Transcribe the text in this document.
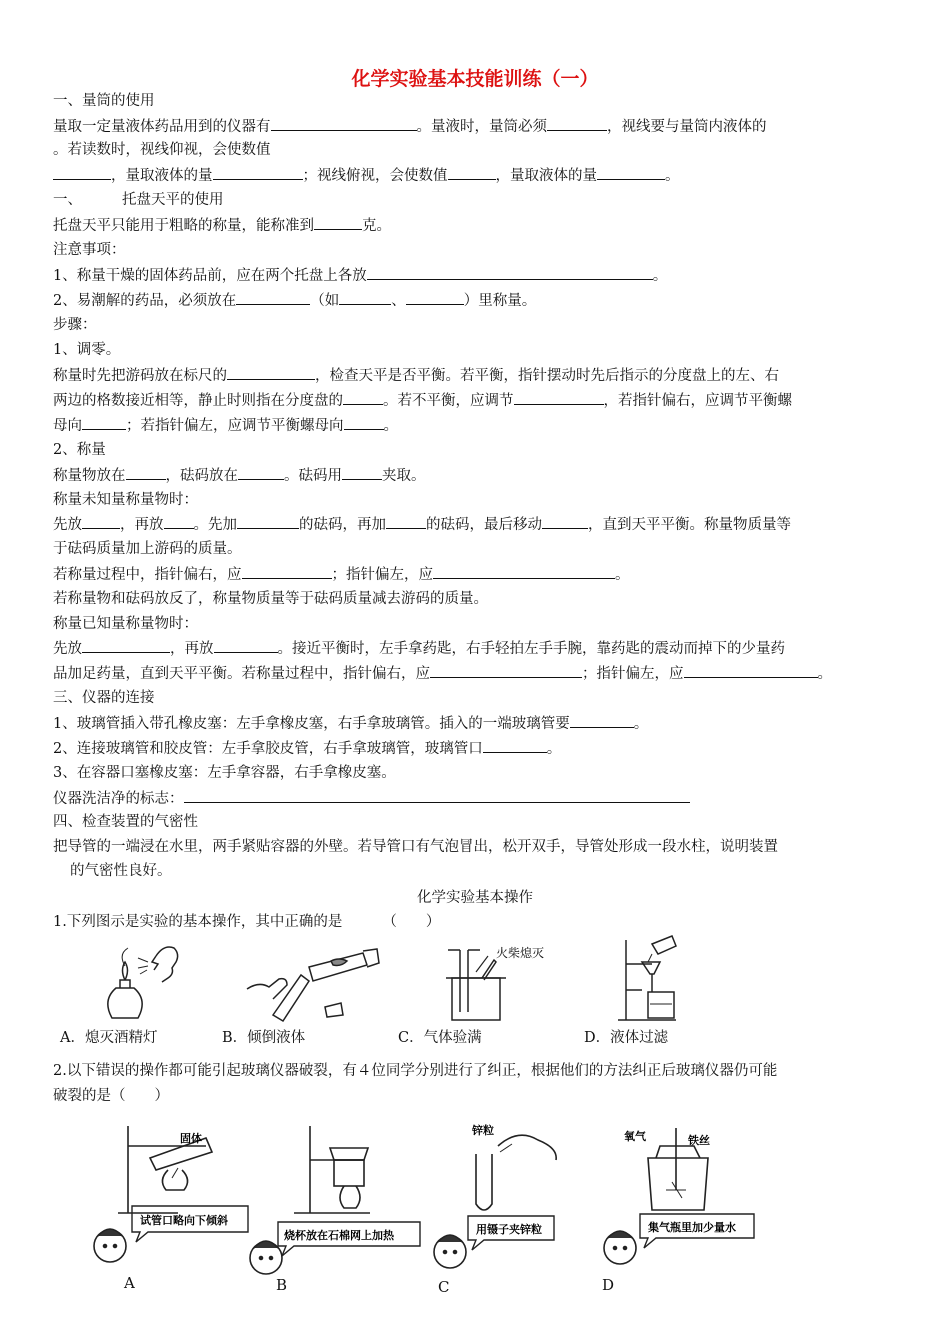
化学实验基本技能训练（一）
一、量筒的使用
量取一定量液体药品用到的仪器有	。量液时，量筒必须	，视线要与量筒内液体的
。若读数时，视线仰视，会使数值
，量取液体的量	；视线俯视，会使数值	，量取液体的量	。
一、	托盘天平的使用
托盘天平只能用于粗略的称量，能称准到	克。
注意事项：
1、称量干燥的固体药品前，应在两个托盘上各放	。
2、易潮解的药品，必须放在	（如	、	）里称量。
步骤：
1、调零。
称量时先把游码放在标尺的	，检查天平是否平衡。若平衡，指针摆动时先后指示的分度盘上的左、右
两边的格数接近相等，静止时则指在分度盘的	。若不平衡，应调节	，若指针偏右，应调节平衡螺
母向	；若指针偏左，应调节平衡螺母向	。
2、称量
称量物放在	，砝码放在	。砝码用	夹取。
称量未知量称量物时：
先放	，再放 。先加	的砝码，再加	的砝码，最后移动	，直到天平平衡。称量物质量等
于砝码质量加上游码的质量。
若称量过程中，指针偏右，应	；指针偏左，应	。
若称量物和砝码放反了，称量物质量等于砝码质量减去游码的质量。
称量已知量称量物时：
先放	，再放	。接近平衡时，左手拿药匙，右手轻拍左手手腕，靠药匙的震动而掉下的少量药
品加足药量，直到天平平衡。若称量过程中，指针偏右，应	；指针偏左，应	。
三、仪器的连接
1、玻璃管插入带孔橡皮塞：左手拿橡皮塞，右手拿玻璃管。插入的一端玻璃管要	。
2、连接玻璃管和胶皮管：左手拿胶皮管，右手拿玻璃管，玻璃管口	。
3、在容器口塞橡皮塞：左手拿容器，右手拿橡皮塞。
仪器洗洁净的标志：
四、检查装置的气密性
把导管的一端浸在水里，两手紧贴容器的外壁。若导管口有气泡冒出，松开双手，导管处形成一段水柱，说明装置
的气密性良好。
化学实验基本操作
1.下列图示是实验的基本操作，其中正确的是	（　　）
火柴熄灭
A．熄灭酒精灯	B．倾倒液体	C．气体验满	D．液体过滤
2.以下错误的操作都可能引起玻璃仪器破裂，有４位同学分别进行了纠正，根据他们的方法纠正后玻璃仪器仍可能
破裂的是（　　）
固体
试管口略向下倾斜
烧杯放在石棉网上加热
锌粒
用镊子夹锌粒
氧气	铁丝
集气瓶里加少量水
A	B	C	D
